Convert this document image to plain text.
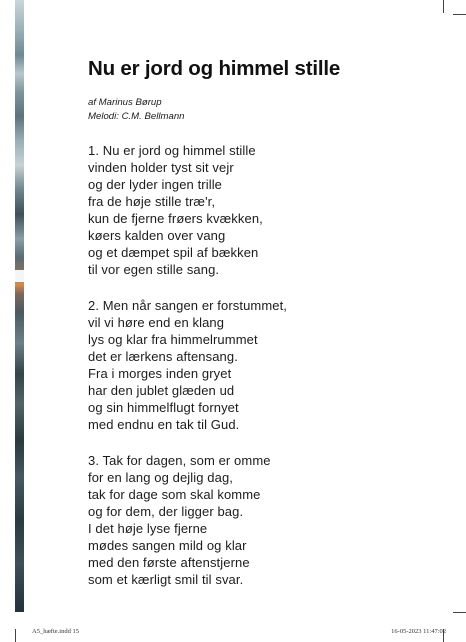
Nu er jord og himmel stille
af Marinus Børup
Melodi: C.M. Bellmann
1. Nu er jord og himmel stille
vinden holder tyst sit vejr
og der lyder ingen trille
fra de høje stille træ'r,
kun de fjerne frøers kvækken,
køers kalden over vang
og et dæmpet spil af bækken
til vor egen stille sang.
2. Men når sangen er forstummet,
vil vi høre end en klang
lys og klar fra himmelrummet
det er lærkens aftensang.
Fra i morges inden gryet
har den jublet glæden ud
og sin himmelflugt fornyet
med endnu en tak til Gud.
3. Tak for dagen, som er omme
for en lang og dejlig dag,
tak for dage som skal komme
og for dem, der ligger bag.
I det høje lyse fjerne
mødes sangen mild og klar
med den første aftenstjerne
som et kærligt smil til svar.
A5_hæfte.indd 15	16-05-2023 11:47:02
